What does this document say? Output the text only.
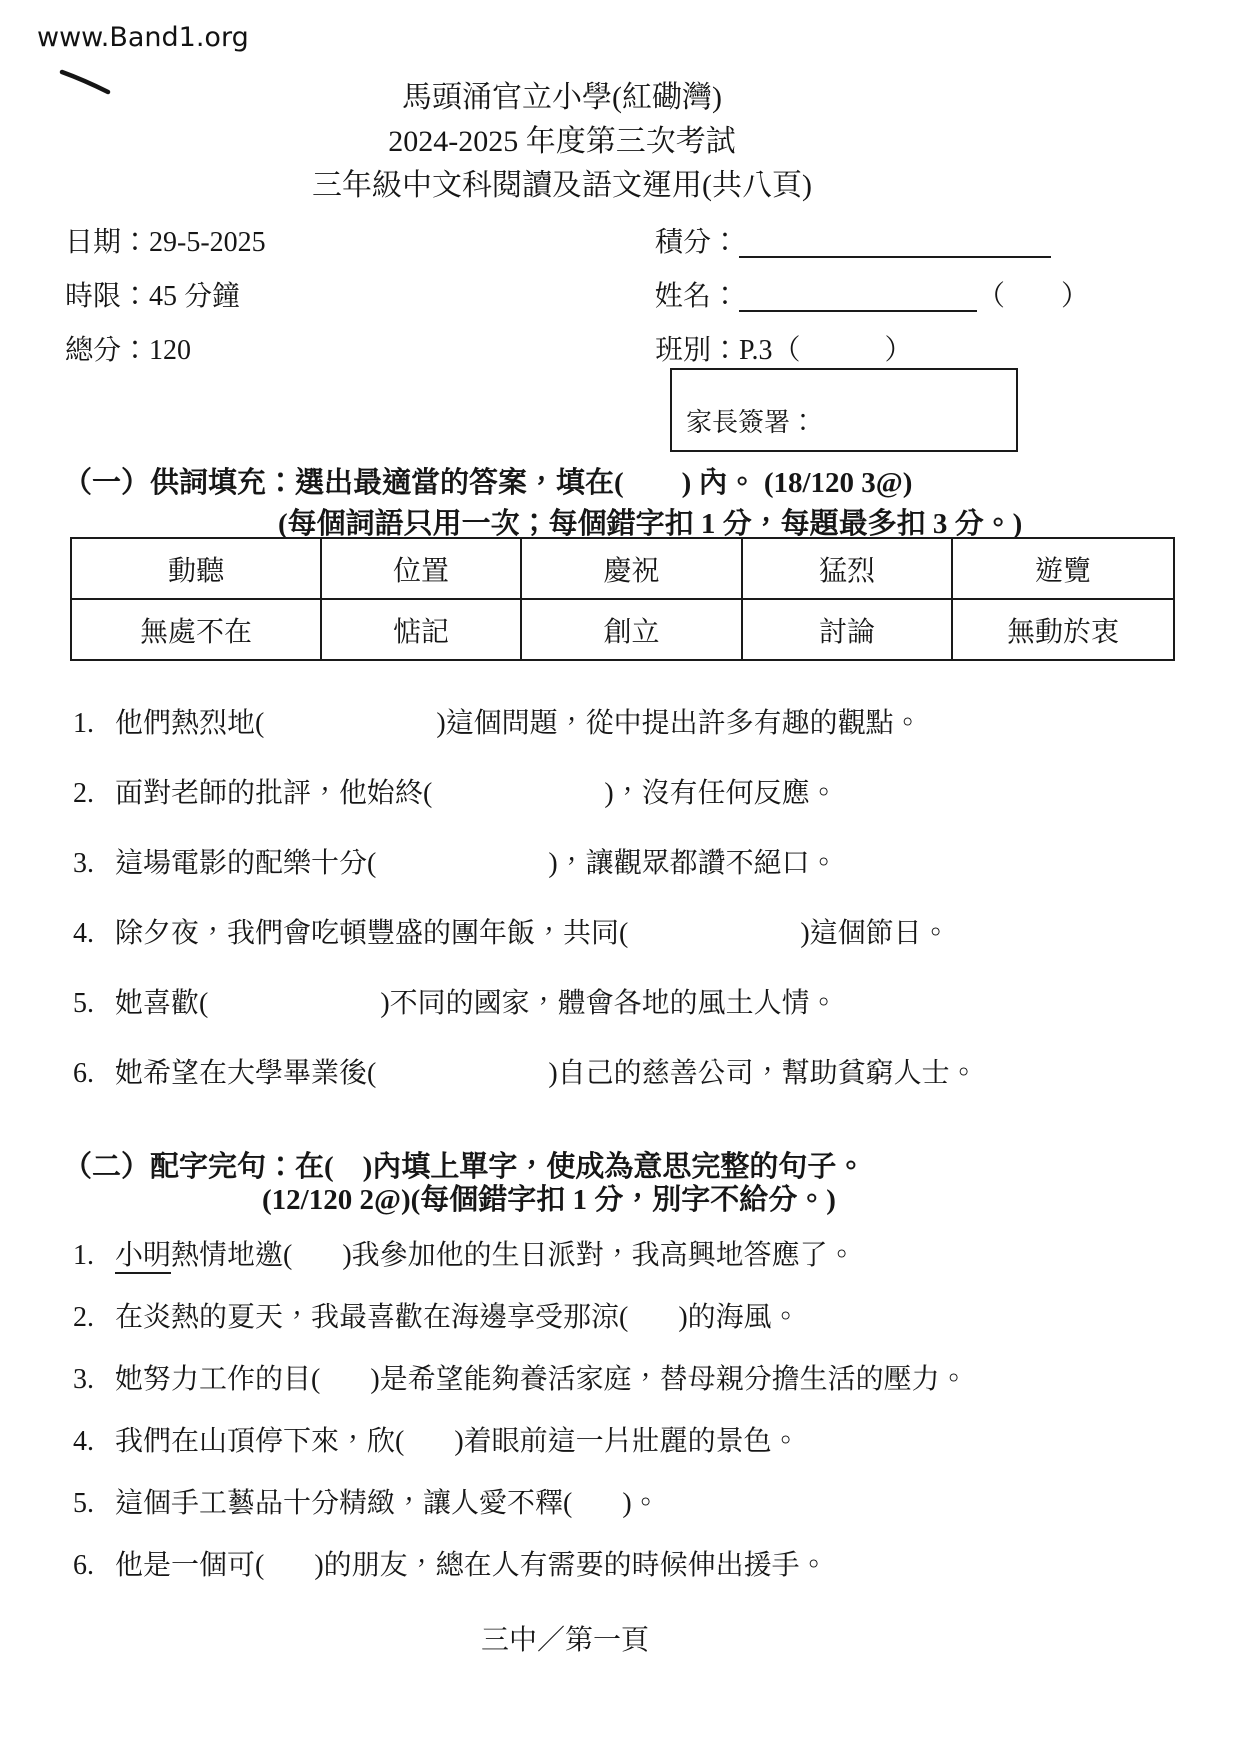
www.Band1.org
馬頭涌官立小學(紅磡灣)
2024-2025 年度第三次考試
三年級中文科閱讀及語文運用(共八頁)
日期：29-5-2025
時限：45 分鐘
總分：120
積分：
姓名：	（　　）
班別：P.3（　　　）
家長簽署：
（一）供詞填充：選出最適當的答案，填在(　　) 內。 (18/120 3@)
(每個詞語只用一次；每個錯字扣 1 分，每題最多扣 3 分。)
動聽	位置	慶祝	猛烈	遊覽
無處不在	惦記	創立	討論	無動於衷
1. 他們熱烈地(	)這個問題，從中提出許多有趣的觀點。
2. 面對老師的批評，他始終(	)，沒有任何反應。
3. 這場電影的配樂十分(	)，讓觀眾都讚不絕口。
4. 除夕夜，我們會吃頓豐盛的團年飯，共同(	)這個節日。
5. 她喜歡(	)不同的國家，體會各地的風土人情。
6. 她希望在大學畢業後(	)自己的慈善公司，幫助貧窮人士。
（二）配字完句：在(　)內填上單字，使成為意思完整的句子。
(12/120 2@)(每個錯字扣 1 分，別字不給分。)
1. 小明熱情地邀( )我參加他的生日派對，我高興地答應了。
2. 在炎熱的夏天，我最喜歡在海邊享受那涼( )的海風。
3. 她努力工作的目( )是希望能夠養活家庭，替母親分擔生活的壓力。
4. 我們在山頂停下來，欣( )着眼前這一片壯麗的景色。
5. 這個手工藝品十分精緻，讓人愛不釋( )。
6. 他是一個可( )的朋友，總在人有需要的時候伸出援手。
三中／第一頁
